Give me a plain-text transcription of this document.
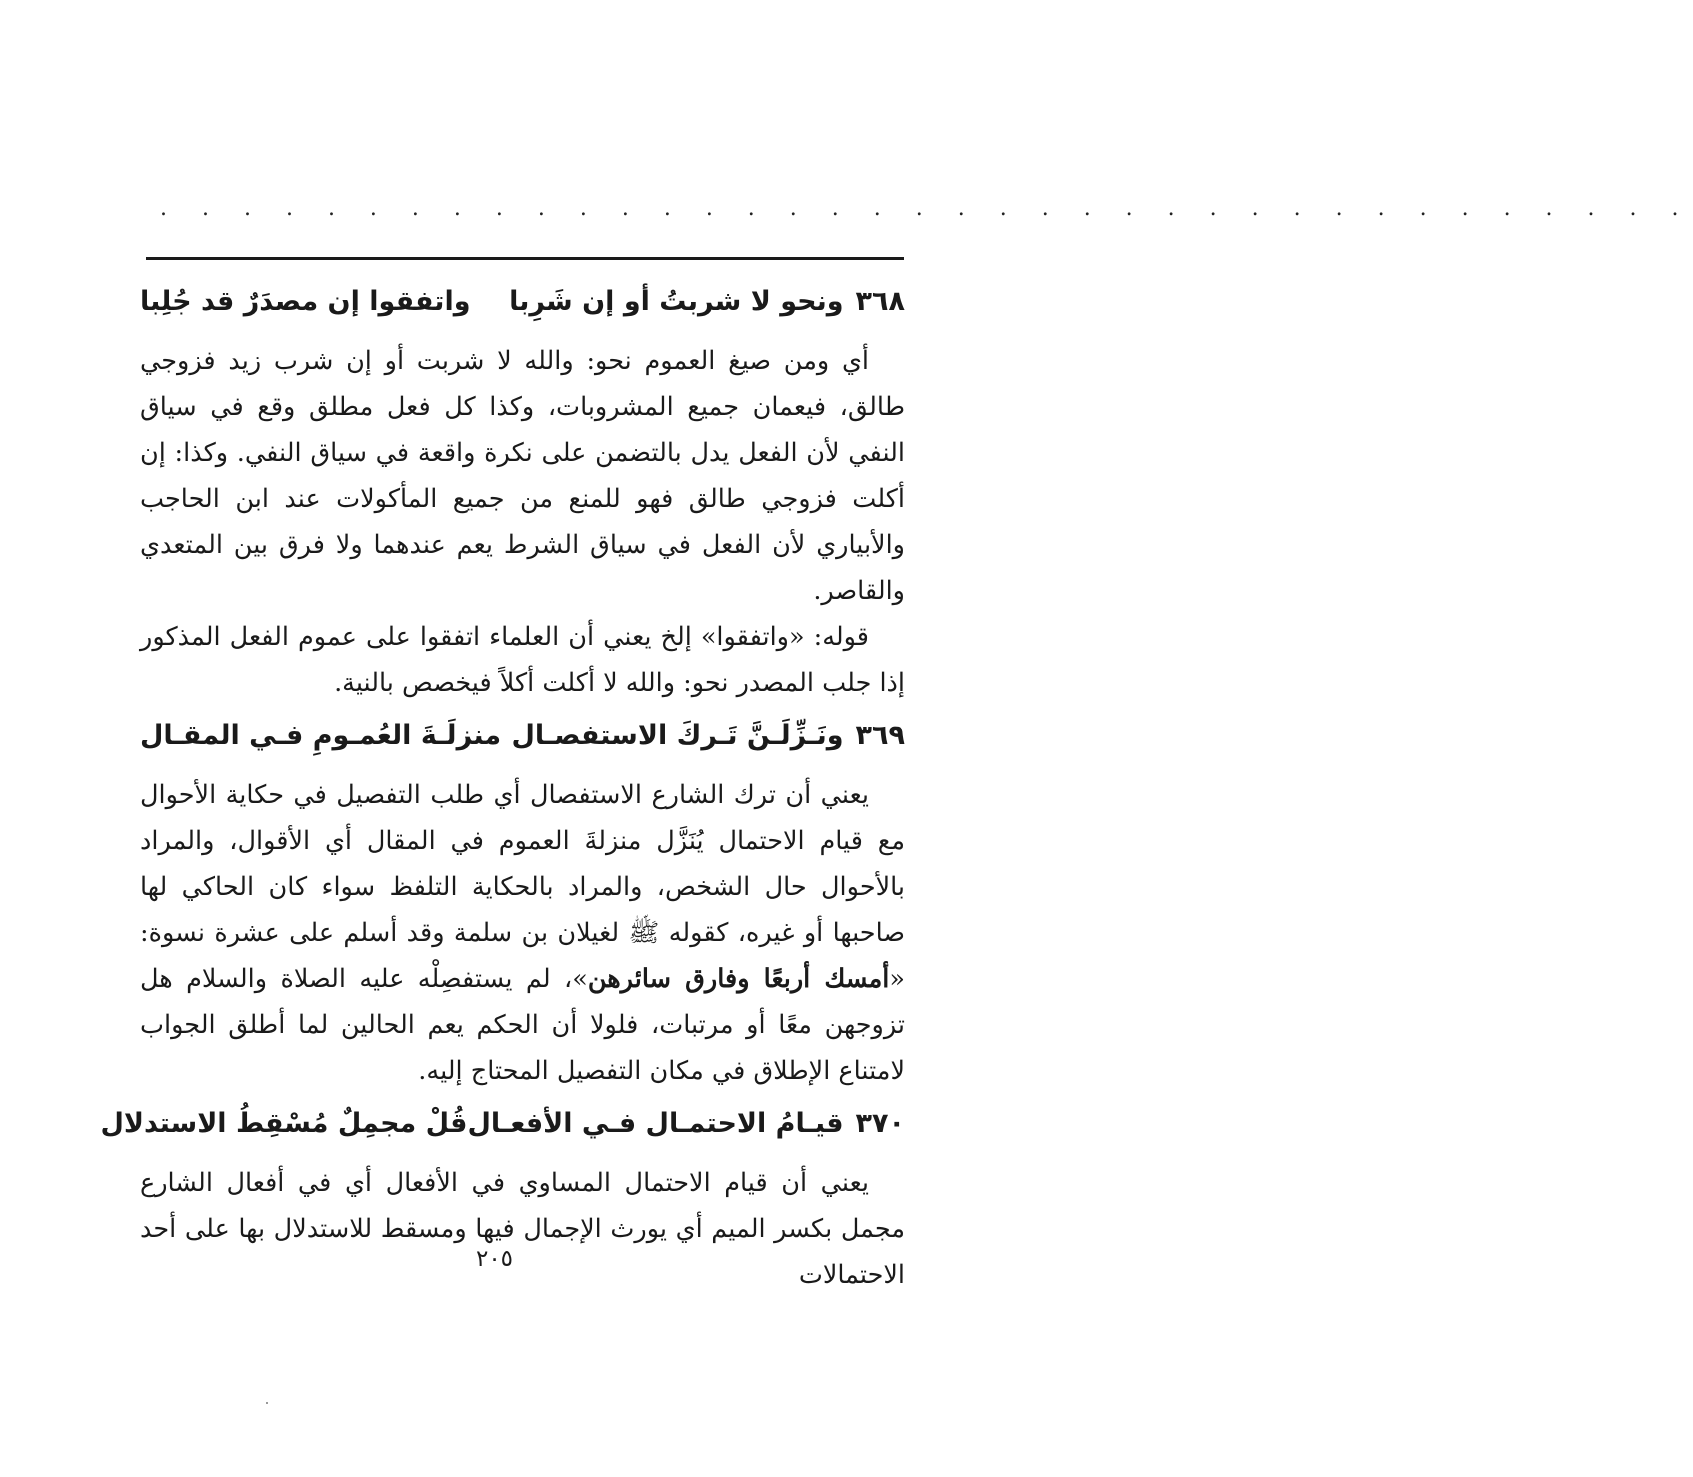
. . . . . . . . . . . . . . . . . . . . . . . . . . . . . . . . . . . . .
٣٦٨
ونحو لا شربتُ أو إن شَرِبا
واتفقوا إن مصدَرٌ قد جُلِبا

أي ومن صيغ العموم نحو: والله لا شربت أو إن شرب زيد فزوجي طالق، فيعمان جميع المشروبات، وكذا كل فعل مطلق وقع في سياق النفي لأن الفعل يدل بالتضمن على نكرة واقعة في سياق النفي. وكذا: إن أكلت فزوجي طالق فهو للمنع من جميع المأكولات عند ابن الحاجب والأبياري لأن الفعل في سياق الشرط يعم عندهما ولا فرق بين المتعدي والقاصر.

قوله: «واتفقوا» إلخ يعني أن العلماء اتفقوا على عموم الفعل المذكور إذا جلب المصدر نحو: والله لا أكلت أكلاً فيخصص بالنية.

٣٦٩
ونَـزِّلَـنَّ تَـركَ الاستفصـال
منزلَـةَ العُمـومِ فـي المقـال

يعني أن ترك الشارع الاستفصال أي طلب التفصيل في حكاية الأحوال مع قيام الاحتمال يُنَزَّل منزلةَ العموم في المقال أي الأقوال، والمراد بالأحوال حال الشخص، والمراد بالحكاية التلفظ سواء كان الحاكي لها صاحبها أو غيره، كقوله ﷺ لغيلان بن سلمة وقد أسلم على عشرة نسوة: «أمسك أربعًا وفارق سائرهن»، لم يستفصِلْه عليه الصلاة والسلام هل تزوجهن معًا أو مرتبات، فلولا أن الحكم يعم الحالين لما أطلق الجواب لامتناع الإطلاق في مكان التفصيل المحتاج إليه.

٣٧٠
قيـامُ الاحتمـال فـي الأفعـال
قُلْ مجمِلٌ مُسْقِطُ الاستدلال

يعني أن قيام الاحتمال المساوي في الأفعال أي في أفعال الشارع مجمل بكسر الميم أي يورث الإجمال فيها ومسقط للاستدلال بها على أحد الاحتمالات

٢٠٥
